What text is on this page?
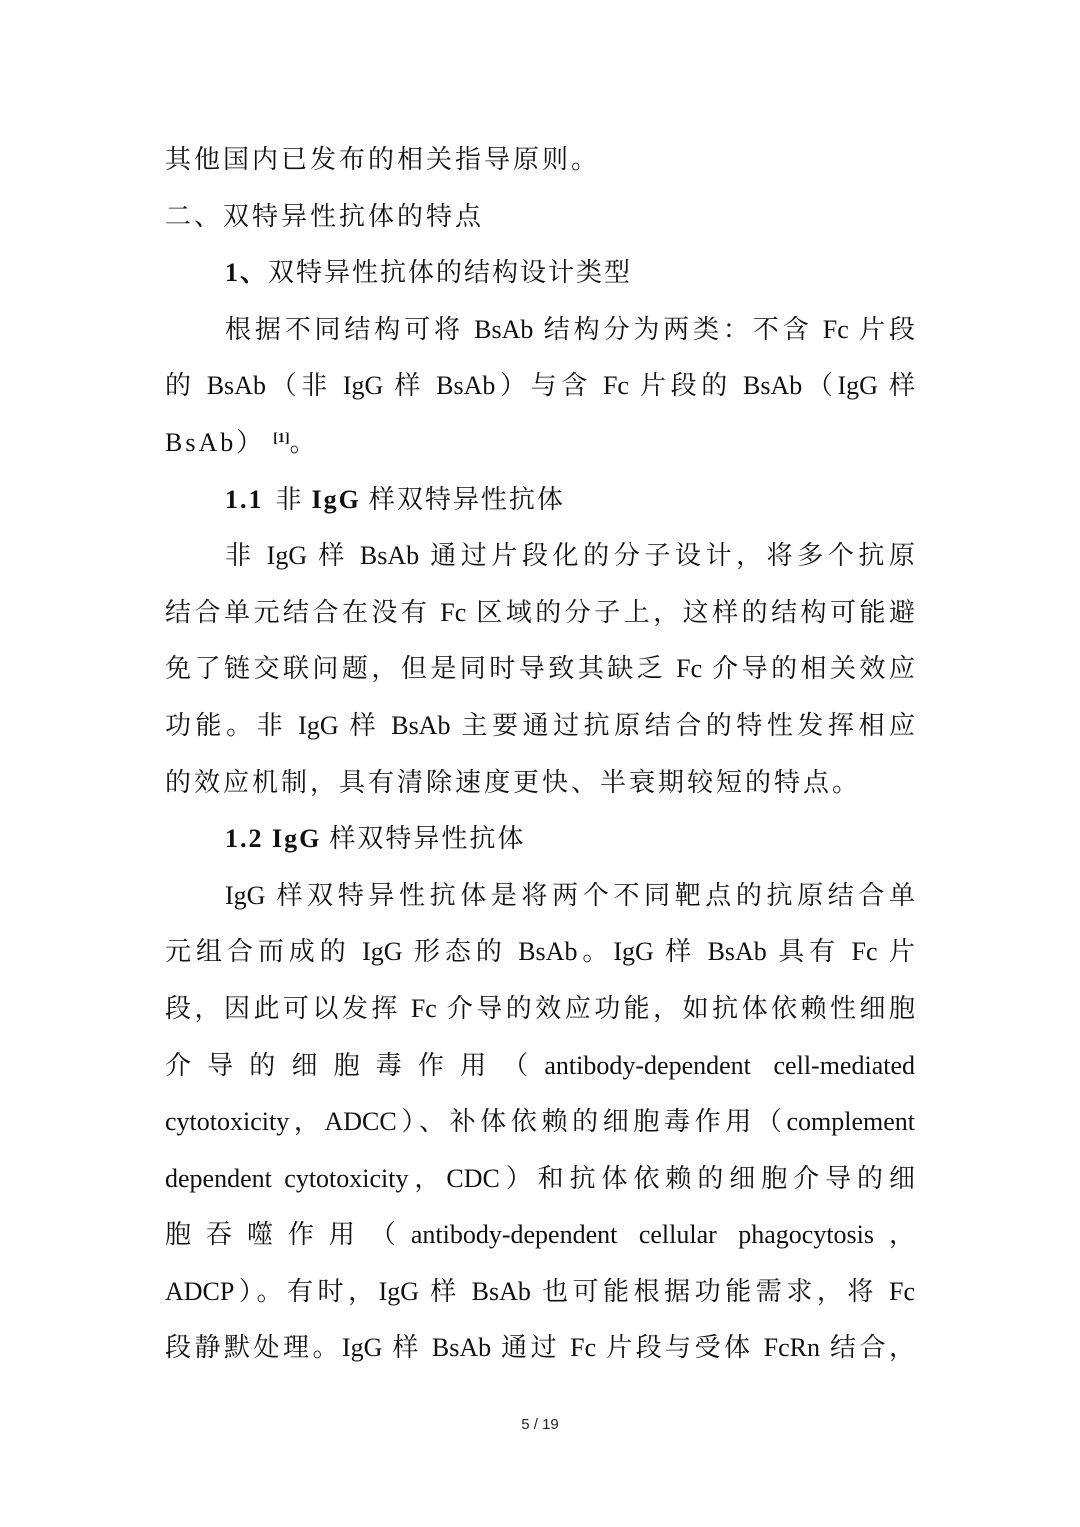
其他国内已发布的相关指导原则。
二、双特异性抗体的特点
1、双特异性抗体的结构设计类型
根据不同结构可将 BsAb 结构分为两类：不含 Fc 片段
的 BsAb（非 IgG 样 BsAb）与含 Fc 片段的 BsAb（IgG 样
BsAb） [1]。
1.1 非 IgG 样双特异性抗体
非 IgG 样 BsAb 通过片段化的分子设计，将多个抗原
结合单元结合在没有 Fc 区域的分子上，这样的结构可能避
免了链交联问题，但是同时导致其缺乏 Fc 介导的相关效应
功能。非 IgG 样 BsAb 主要通过抗原结合的特性发挥相应
的效应机制，具有清除速度更快、半衰期较短的特点。
1.2 IgG 样双特异性抗体
IgG 样双特异性抗体是将两个不同靶点的抗原结合单
元组合而成的 IgG 形态的 BsAb。IgG 样 BsAb 具有 Fc 片
段，因此可以发挥 Fc 介导的效应功能，如抗体依赖性细胞
介导的细胞毒作用（antibody-dependent cell-mediated
cytotoxicity，ADCC）、补体依赖的细胞毒作用（complement
dependent cytotoxicity，CDC）和抗体依赖的细胞介导的细
胞吞噬作用（antibody-dependent cellular phagocytosis，
ADCP）。有时，IgG 样 BsAb 也可能根据功能需求，将 Fc
段静默处理。IgG 样 BsAb 通过 Fc 片段与受体 FcRn 结合，
5 / 19
